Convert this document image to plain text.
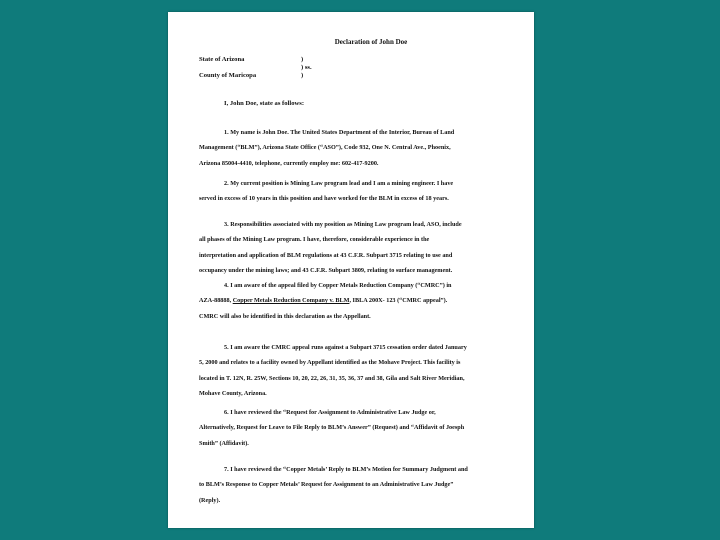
Declaration of John Doe
State of Arizona	)
) ss.
County of Maricopa	)
I, John Doe, state as follows:
1. My name is John Doe. The United States Department of the Interior, Bureau of Land
Management (“BLM”), Arizona State Office (“ASO”), Code 932, One N. Central Ave., Phoenix,
Arizona 85004-4410, telephone, currently employ me: 602-417-9200.
2. My current position is Mining Law program lead and I am a mining engineer. I have
served in excess of 10 years in this position and have worked for the BLM in excess of 18 years.
3. Responsibilities associated with my position as Mining Law program lead, ASO, include
all phases of the Mining Law program. I have, therefore, considerable experience in the
interpretation and application of BLM regulations at 43 C.F.R. Subpart 3715 relating to use and
occupancy under the mining laws; and 43 C.F.R. Subpart 3809, relating to surface management.
4. I am aware of the appeal filed by Copper Metals Reduction Company (“CMRC”) in
AZA-88888, Copper Metals Reduction Company v. BLM, IBLA 200X- 123 (“CMRC appeal”).
CMRC will also be identified in this declaration as the Appellant.
5. I am aware the CMRC appeal runs against a Subpart 3715 cessation order dated January
5, 2000 and relates to a facility owned by Appellant identified as the Mohave Project. This facility is
located in T. 12N, R. 25W, Sections 10, 20, 22, 26, 31, 35, 36, 37 and 38, Gila and Salt River Meridian,
Mohave County, Arizona.
6. I have reviewed the “Request for Assignment to Administrative Law Judge or,
Alternatively, Request for Leave to File Reply to BLM’s Answer” (Request) and “Affidavit of Joesph
Smith” (Affidavit).
7. I have reviewed the “Copper Metals’ Reply to BLM’s Motion for Summary Judgment and
to BLM’s Response to Copper Metals’ Request for Assignment to an Administrative Law Judge”
(Reply).
